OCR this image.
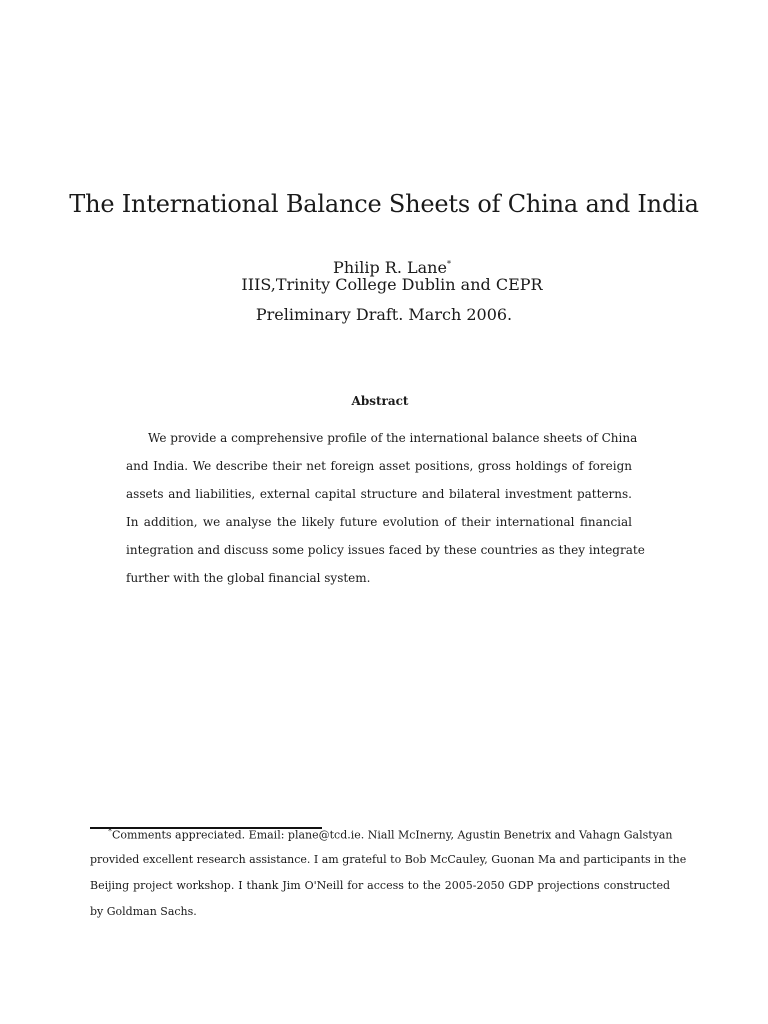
The International Balance Sheets of China and India
Philip R. Lane*
IIIS,Trinity College Dublin and CEPR
Preliminary Draft. March 2006.
Abstract
We provide a comprehensive profile of the international balance sheets of China
and India. We describe their net foreign asset positions, gross holdings of foreign
assets and liabilities, external capital structure and bilateral investment patterns.
In addition, we analyse the likely future evolution of their international financial
integration and discuss some policy issues faced by these countries as they integrate
further with the global financial system.
*Comments appreciated. Email: plane@tcd.ie. Niall McInerny, Agustin Benetrix and Vahagn Galstyan
provided excellent research assistance. I am grateful to Bob McCauley, Guonan Ma and participants in the
Beijing project workshop. I thank Jim O'Neill for access to the 2005-2050 GDP projections constructed
by Goldman Sachs.
